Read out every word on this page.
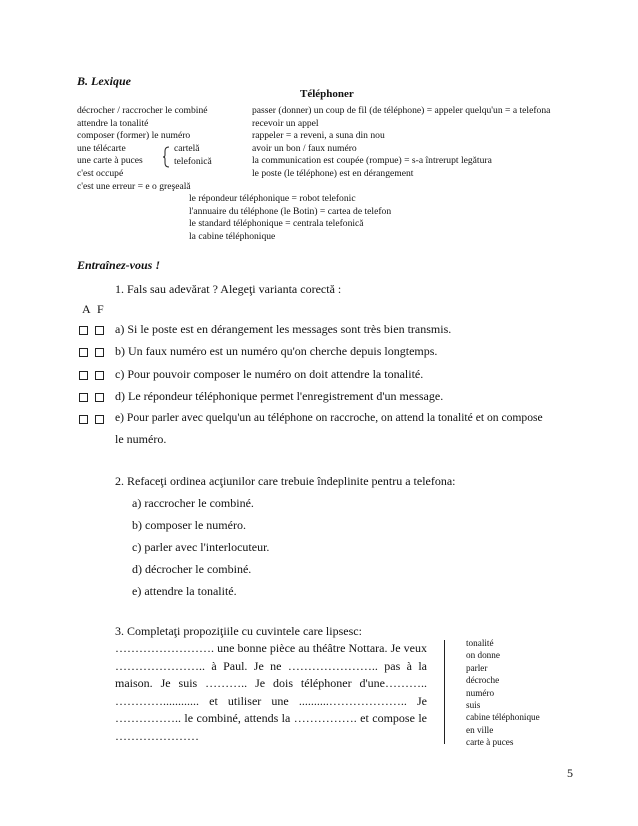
B. Lexique
Téléphoner
décrocher / raccrocher le combiné
attendre la tonalité
composer (former) le numéro
une télécarte
une carte à puces
c'est occupé
c'est une erreur = e o greşeală
cartelă
telefonică
passer (donner) un coup de fil (de téléphone) = appeler quelqu'un = a telefona
recevoir un appel
rappeler = a reveni, a suna din nou
avoir un bon / faux numéro
la communication est coupée (rompue) = s-a întrerupt legătura
le poste (le téléphone) est en dérangement
le répondeur téléphonique = robot telefonic
l'annuaire du téléphone (le Botin) = cartea de telefon
le standard téléphonique = centrala telefonică
la cabine téléphonique
Entraînez-vous !
1. Fals sau adevărat ? Alegeţi varianta corectă :
A F
a) Si le poste est en dérangement les messages sont très bien transmis.
b) Un faux numéro est un numéro qu'on cherche depuis longtemps.
c) Pour pouvoir composer le numéro on doit attendre la tonalité.
d) Le répondeur téléphonique permet l'enregistrement d'un message.
e) Pour parler avec quelqu'un au téléphone on raccroche, on attend la tonalité et on compose
le numéro.
2. Refaceţi ordinea acţiunilor care trebuie îndeplinite pentru a telefona:
a) raccrocher le combiné.
b) composer le numéro.
c) parler avec l'interlocuteur.
d) décrocher le combiné.
e) attendre la tonalité.
3. Completaţi propoziţiile cu cuvintele care lipsesc:
……………………. une bonne pièce au théâtre Nottara. Je veux ………………….. à Paul. Je ne ………………….. pas à la maison. Je suis ……….. Je dois téléphoner d'une……….. …………............ et utiliser une ..........……………….. Je …………….. le combiné, attends la ……………. et compose le …………………
tonalité
on donne
parler
décroche
numéro
suis
cabine téléphonique
en ville
carte à puces
5
